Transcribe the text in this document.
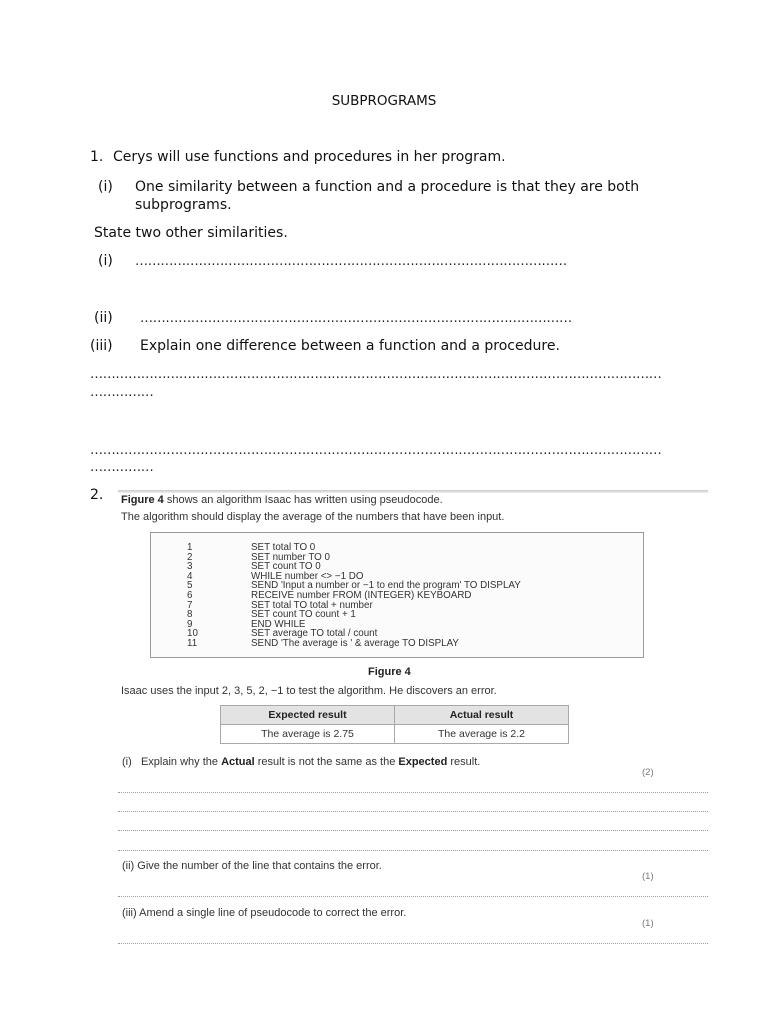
SUBPROGRAMS
1. Cerys will use functions and procedures in her program.
(i) One similarity between a function and a procedure is that they are both
subprograms.
State two other similarities.
(i) …………………………………………………………………………………………
(ii) …………………………………………………………………………………………
(iii) Explain one difference between a function and a procedure.
………………………………………………………………………………………………………………………
……………
………………………………………………………………………………………………………………………
……………
2. Figure 4 shows an algorithm Isaac has written using pseudocode.
The algorithm should display the average of the numbers that have been input.
1	SET total TO 0
2	SET number TO 0
3	SET count TO 0
4	WHILE number <> −1 DO
5	SEND 'Input a number or −1 to end the program' TO DISPLAY
6	RECEIVE number FROM (INTEGER) KEYBOARD
7	SET total TO total + number
8	SET count TO count + 1
9	END WHILE
10	SET average TO total / count
11	SEND 'The average is ' & average TO DISPLAY
Figure 4
Isaac uses the input 2, 3, 5, 2, −1 to test the algorithm. He discovers an error.
Expected result	Actual result
The average is 2.75	The average is 2.2
(i) Explain why the Actual result is not the same as the Expected result.
(2)
(ii) Give the number of the line that contains the error.
(1)
(iii) Amend a single line of pseudocode to correct the error.
(1)
